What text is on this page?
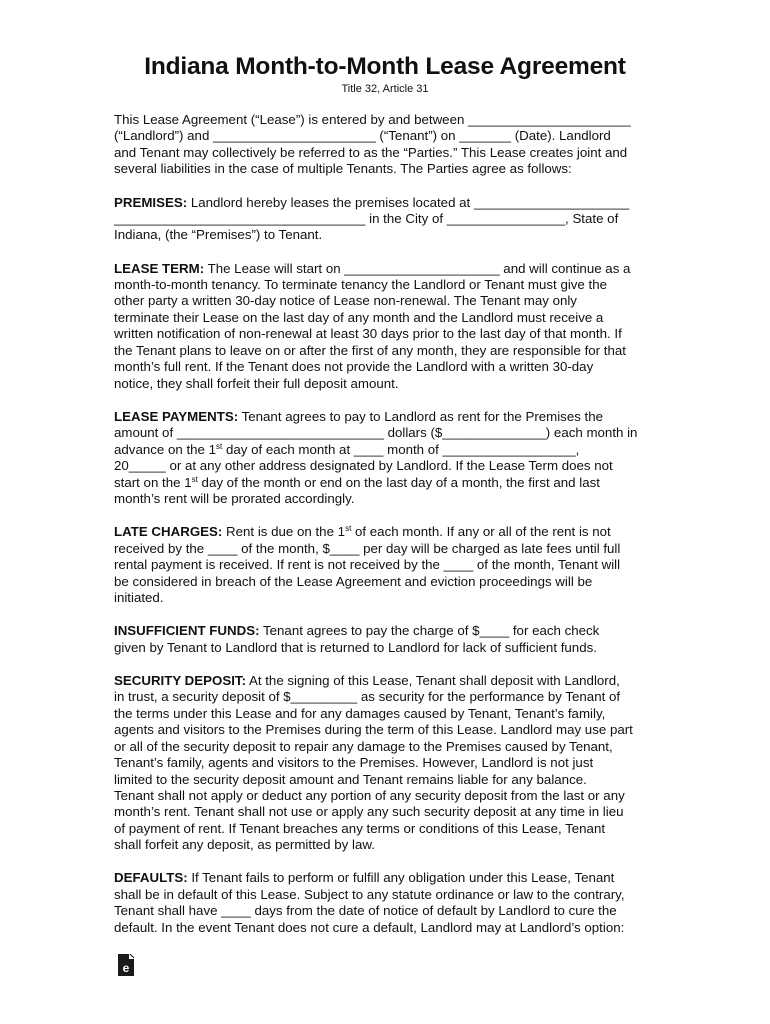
Indiana Month-to-Month Lease Agreement
Title 32, Article 31
This Lease Agreement (“Lease”) is entered by and between ______________________
(“Landlord”) and ______________________ (“Tenant”) on _______ (Date). Landlord
and Tenant may collectively be referred to as the “Parties.” This Lease creates joint and
several liabilities in the case of multiple Tenants. The Parties agree as follows:
PREMISES: Landlord hereby leases the premises located at _____________________
__________________________________ in the City of ________________, State of
Indiana, (the “Premises”) to Tenant.
LEASE TERM: The Lease will start on _____________________ and will continue as a
month-to-month tenancy. To terminate tenancy the Landlord or Tenant must give the
other party a written 30-day notice of Lease non-renewal. The Tenant may only
terminate their Lease on the last day of any month and the Landlord must receive a
written notification of non-renewal at least 30 days prior to the last day of that month. If
the Tenant plans to leave on or after the first of any month, they are responsible for that
month’s full rent. If the Tenant does not provide the Landlord with a written 30-day
notice, they shall forfeit their full deposit amount.
LEASE PAYMENTS: Tenant agrees to pay to Landlord as rent for the Premises the
amount of ____________________________ dollars ($______________) each month in
advance on the 1st day of each month at ____ month of __________________,
20_____ or at any other address designated by Landlord. If the Lease Term does not
start on the 1st day of the month or end on the last day of a month, the first and last
month’s rent will be prorated accordingly.
LATE CHARGES: Rent is due on the 1st of each month. If any or all of the rent is not
received by the ____ of the month, $____ per day will be charged as late fees until full
rental payment is received. If rent is not received by the ____ of the month, Tenant will
be considered in breach of the Lease Agreement and eviction proceedings will be
initiated.
INSUFFICIENT FUNDS: Tenant agrees to pay the charge of $____ for each check
given by Tenant to Landlord that is returned to Landlord for lack of sufficient funds.
SECURITY DEPOSIT: At the signing of this Lease, Tenant shall deposit with Landlord,
in trust, a security deposit of $_________ as security for the performance by Tenant of
the terms under this Lease and for any damages caused by Tenant, Tenant’s family,
agents and visitors to the Premises during the term of this Lease. Landlord may use part
or all of the security deposit to repair any damage to the Premises caused by Tenant,
Tenant’s family, agents and visitors to the Premises. However, Landlord is not just
limited to the security deposit amount and Tenant remains liable for any balance.
Tenant shall not apply or deduct any portion of any security deposit from the last or any
month’s rent. Tenant shall not use or apply any such security deposit at any time in lieu
of payment of rent. If Tenant breaches any terms or conditions of this Lease, Tenant
shall forfeit any deposit, as permitted by law.
DEFAULTS: If Tenant fails to perform or fulfill any obligation under this Lease, Tenant
shall be in default of this Lease. Subject to any statute ordinance or law to the contrary,
Tenant shall have ____ days from the date of notice of default by Landlord to cure the
default. In the event Tenant does not cure a default, Landlord may at Landlord’s option:
e
